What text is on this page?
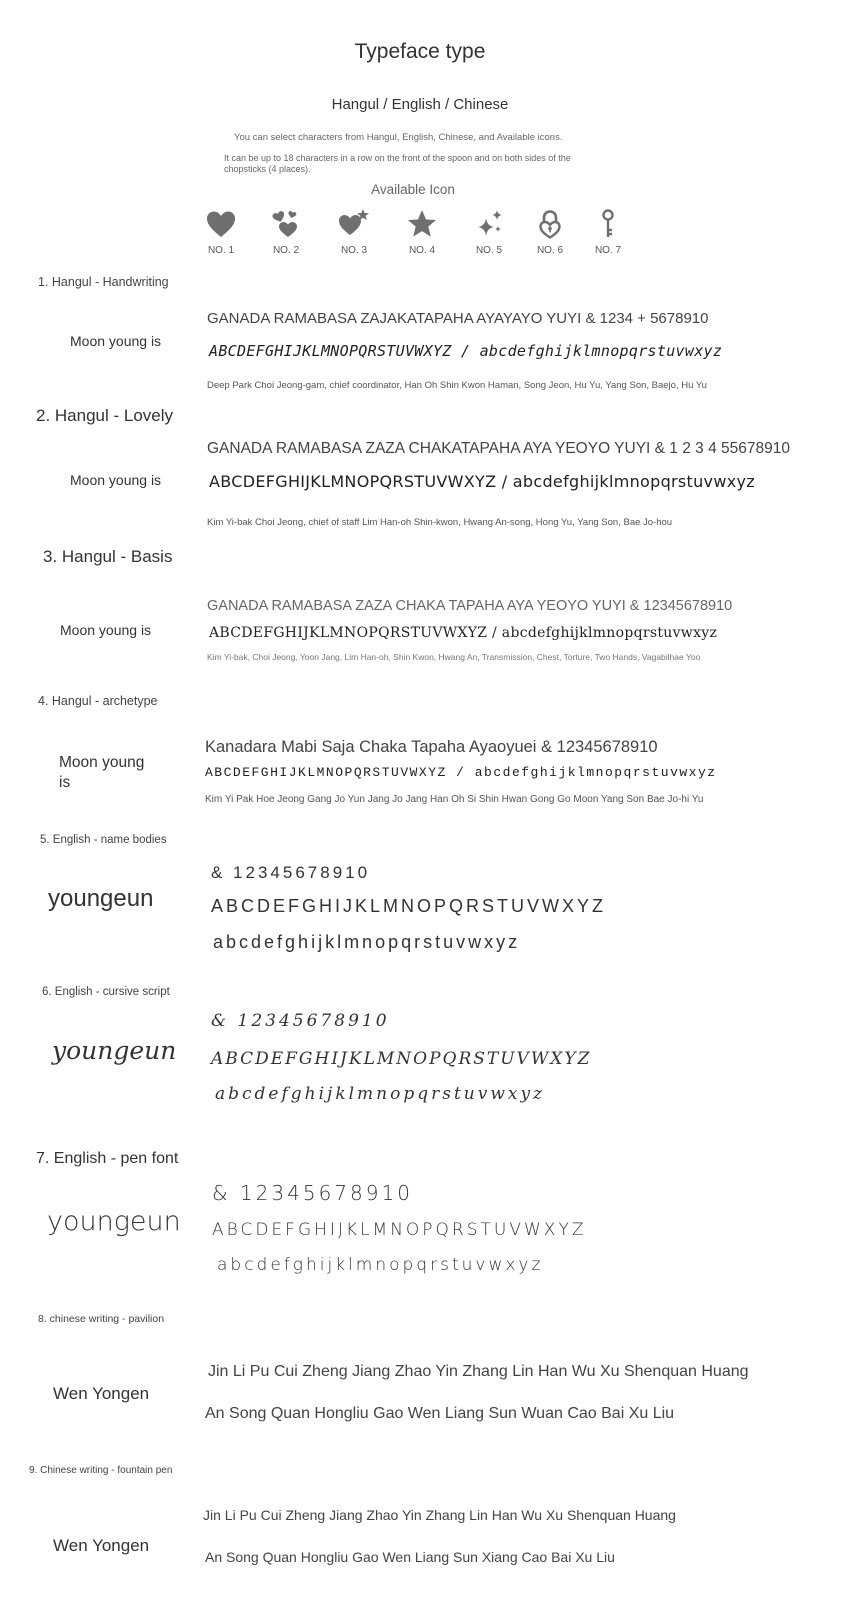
Typeface type
Hangul / English / Chinese
You can select characters from Hangul, English, Chinese, and Available icons.
It can be up to 18 characters in a row on the front of the spoon and on both sides of the chopsticks (4 places).
Available Icon
NO. 1	NO. 2	NO. 3	NO. 4	NO. 5	NO. 6	NO. 7
1. Hangul - Handwriting
Moon young is
GANADA RAMABASA ZAJAKATAPAHA AYAYAYO YUYI & 1234 + 5678910
ABCDEFGHIJKLMNOPQRSTUVWXYZ / abcdefghijklmnopqrstuvwxyz
Deep Park Choi Jeong-gam, chief coordinator, Han Oh Shin Kwon Haman, Song Jeon, Hu Yu, Yang Son, Baejo, Hu Yu
2. Hangul - Lovely
Moon young is
GANADA RAMABASA ZAZA CHAKATAPAHA AYA YEOYO YUYI & 1 2 3 4 55678910
ABCDEFGHIJKLMNOPQRSTUVWXYZ / abcdefghijklmnopqrstuvwxyz
Kim Yi-bak Choi Jeong, chief of staff Lim Han-oh Shin-kwon, Hwang An-song, Hong Yu, Yang Son, Bae Jo-hou
3. Hangul - Basis
Moon young is
GANADA RAMABASA ZAZA CHAKA TAPAHA AYA YEOYO YUYI & 12345678910
ABCDEFGHIJKLMNOPQRSTUVWXYZ / abcdefghijklmnopqrstuvwxyz
Kim Yi-bak, Choi Jeong, Yoon Jang, Lim Han-oh, Shin Kwon, Hwang An, Transmission, Chest, Torture, Two Hands, Vagabilhae Yoo
4. Hangul - archetype
Moon young is
Kanadara Mabi Saja Chaka Tapaha Ayaoyuei & 12345678910
ABCDEFGHIJKLMNOPQRSTUVWXYZ / abcdefghijklmnopqrstuvwxyz
Kim Yi Pak Hoe Jeong Gang Jo Yun Jang Jo Jang Han Oh Si Shin Hwan Gong Go Moon Yang Son Bae Jo-hi Yu
5. English - name bodies
youngeun
& 12345678910
ABCDEFGHIJKLMNOPQRSTUVWXYZ
abcdefghijklmnopqrstuvwxyz
6. English - cursive script
youngeun
& 12345678910
ABCDEFGHIJKLMNOPQRSTUVWXYZ
abcdefghijklmnopqrstuvwxyz
7. English - pen font
youngeun
& 12345678910
ABCDEFGHIJKLMNOPQRSTUVWXYZ
abcdefghijklmnopqrstuvwxyz
8. chinese writing - pavilion
Wen Yongen
Jin Li Pu Cui Zheng Jiang Zhao Yin Zhang Lin Han Wu Xu Shenquan Huang
An Song Quan Hongliu Gao Wen Liang Sun Wuan Cao Bai Xu Liu
9. Chinese writing - fountain pen
Wen Yongen
Jin Li Pu Cui Zheng Jiang Zhao Yin Zhang Lin Han Wu Xu Shenquan Huang
An Song Quan Hongliu Gao Wen Liang Sun Xiang Cao Bai Xu Liu
